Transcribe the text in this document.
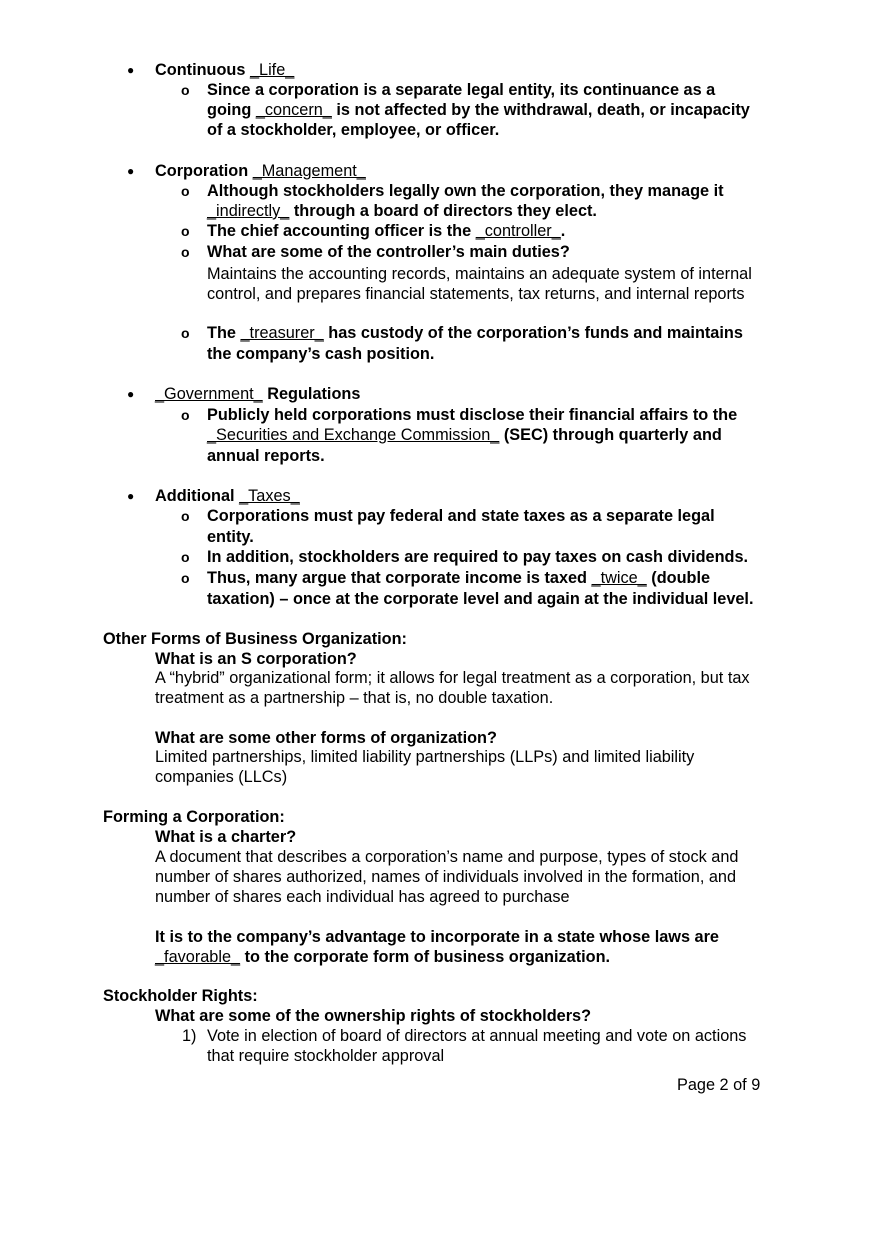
● Continuous _Life_

o Since a corporation is a separate legal entity, its continuance as a

going _concern_ is not affected by the withdrawal, death, or incapacity

of a stockholder, employee, or officer.

● Corporation _Management_

o Although stockholders legally own the corporation, they manage it

_indirectly_ through a board of directors they elect.

o The chief accounting officer is the _controller_.

o What are some of the controller’s main duties?

Maintains the accounting records, maintains an adequate system of internal

control, and prepares financial statements, tax returns, and internal reports

o The _treasurer_ has custody of the corporation’s funds and maintains

the company’s cash position.

● _Government_ Regulations

o Publicly held corporations must disclose their financial affairs to the

_Securities and Exchange Commission_ (SEC) through quarterly and

annual reports.

● Additional _Taxes_

o Corporations must pay federal and state taxes as a separate legal

entity.

o In addition, stockholders are required to pay taxes on cash dividends.

o Thus, many argue that corporate income is taxed _twice_ (double

taxation) – once at the corporate level and again at the individual level.

Other Forms of Business Organization:

What is an S corporation?

A “hybrid” organizational form; it allows for legal treatment as a corporation, but tax

treatment as a partnership – that is, no double taxation.

What are some other forms of organization?

Limited partnerships, limited liability partnerships (LLPs) and limited liability

companies (LLCs)

Forming a Corporation:

What is a charter?

A document that describes a corporation’s name and purpose, types of stock and

number of shares authorized, names of individuals involved in the formation, and

number of shares each individual has agreed to purchase

It is to the company’s advantage to incorporate in a state whose laws are

_favorable_ to the corporate form of business organization.

Stockholder Rights:

What are some of the ownership rights of stockholders?

1) Vote in election of board of directors at annual meeting and vote on actions

that require stockholder approval

Page 2 of 9
